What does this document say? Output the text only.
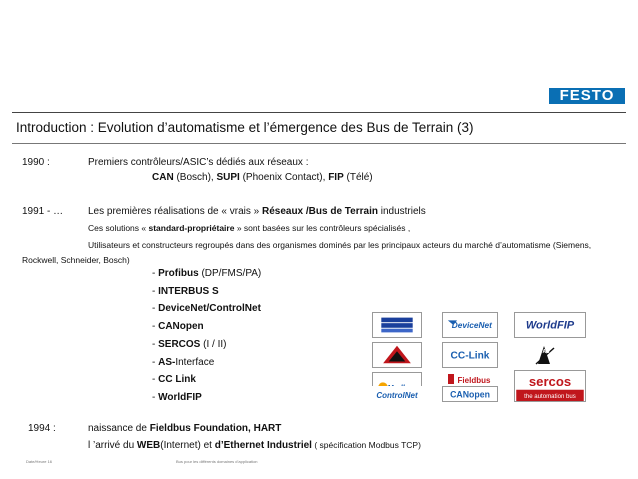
FESTO
Introduction : Evolution d’automatisme et l’émergence des Bus de Terrain (3)
1990 :	Premiers contrôleurs/ASIC’s dédiés aux réseaux :
CAN (Bosch), SUPI (Phoenix Contact), FIP (Télé)
1991 - … Les premières réalisations de « vrais » Réseaux /Bus de Terrain industriels
Ces solutions « standard-propriétaire » sont basées sur les contrôleurs spécialisés ,
Utilisateurs et constructeurs regroupés dans des organismes dominés par les principaux acteurs du marché d’automatisme (Siemens,
Rockwell, Schneider, Bosch)
- Profibus (DP/FMS/PA)
- INTERBUS S
- DeviceNet/ControlNet
- CANopen
- SERCOS (I / II)
- AS-Interface
- CC Link
- WorldFIP
DeviceNet	WorldFIP
CC-Link	AS
Fieldbus	sercos
the automation bus
ControlNet	CANopen
1994 :	naissance de Fieldbus Foundation, HART
l ’arrivé du WEB(Internet) et d’Ethernet Industriel ( spécification Modbus TCP)
Date/Heure 16	Bus pour les différents domaines d’application
